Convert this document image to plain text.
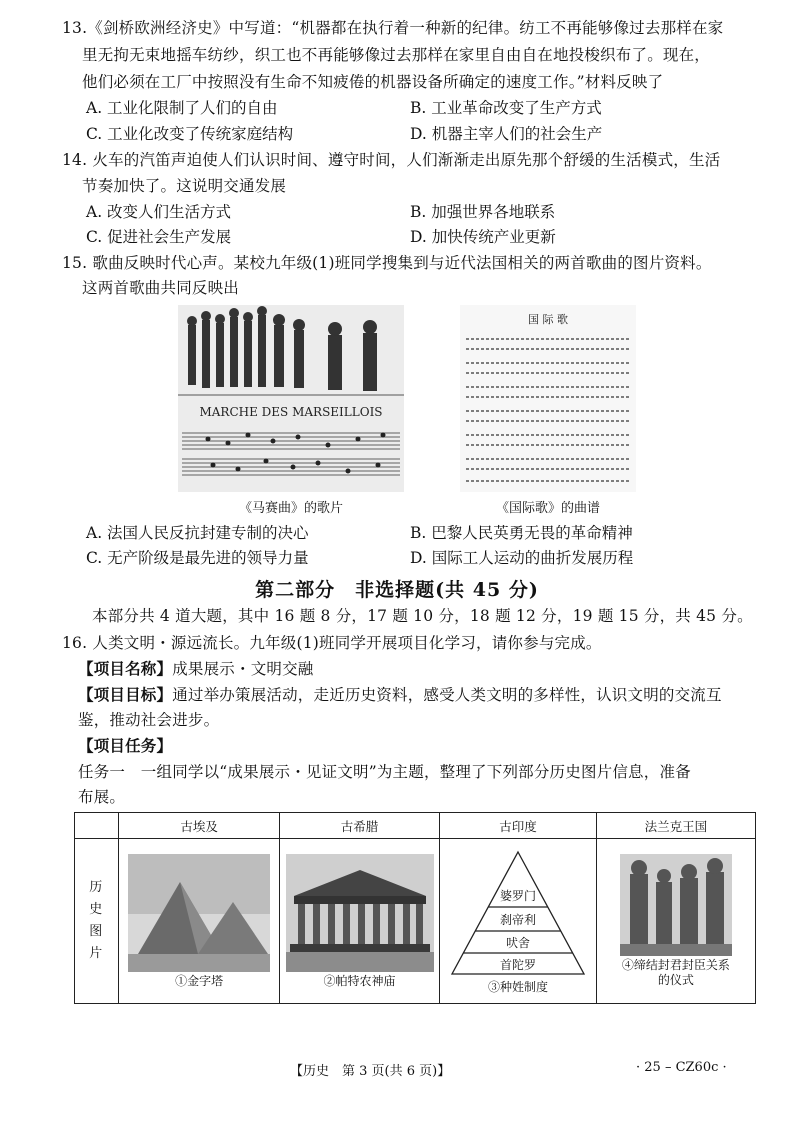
13.《剑桥欧洲经济史》中写道：“机器都在执行着一种新的纪律。纺工不再能够像过去那样在家
里无拘无束地摇车纺纱，织工也不再能够像过去那样在家里自由自在地投梭织布了。现在，
他们必须在工厂中按照没有生命不知疲倦的机器设备所确定的速度工作。”材料反映了
A. 工业化限制了人们的自由	B. 工业革命改变了生产方式
C. 工业化改变了传统家庭结构	D. 机器主宰人们的社会生产
14. 火车的汽笛声迫使人们认识时间、遵守时间，人们渐渐走出原先那个舒缓的生活模式，生活
节奏加快了。这说明交通发展
A. 改变人们生活方式	B. 加强世界各地联系
C. 促进社会生产发展	D. 加快传统产业更新
15. 歌曲反映时代心声。某校九年级(1)班同学搜集到与近代法国相关的两首歌曲的图片资料。
这两首歌曲共同反映出
MARCHE DES MARSEILLOIS
《马赛曲》的歌片
国 际 歌
《国际歌》的曲谱
A. 法国人民反抗封建专制的决心	B. 巴黎人民英勇无畏的革命精神
C. 无产阶级是最先进的领导力量	D. 国际工人运动的曲折发展历程
第二部分　非选择题(共 45 分)
本部分共 4 道大题，其中 16 题 8 分，17 题 10 分，18 题 12 分，19 题 15 分，共 45 分。
16. 人类文明・源远流长。九年级(1)班同学开展项目化学习，请你参与完成。
【项目名称】成果展示・文明交融
【项目目标】通过举办策展活动，走近历史资料，感受人类文明的多样性，认识文明的交流互
鉴，推动社会进步。
【项目任务】
任务一　一组同学以“成果展示・见证文明”为主题，整理了下列部分历史图片信息，准备
布展。
	古埃及	古希腊	古印度	法兰克王国

历史图片	①金字塔	②帕特农神庙	婆罗门
刹帝利
吠舍
首陀罗
③种姓制度	④缔结封君封臣关系的仪式
【历史　第 3 页(共 6 页)】	· 25 – CZ60c ·
